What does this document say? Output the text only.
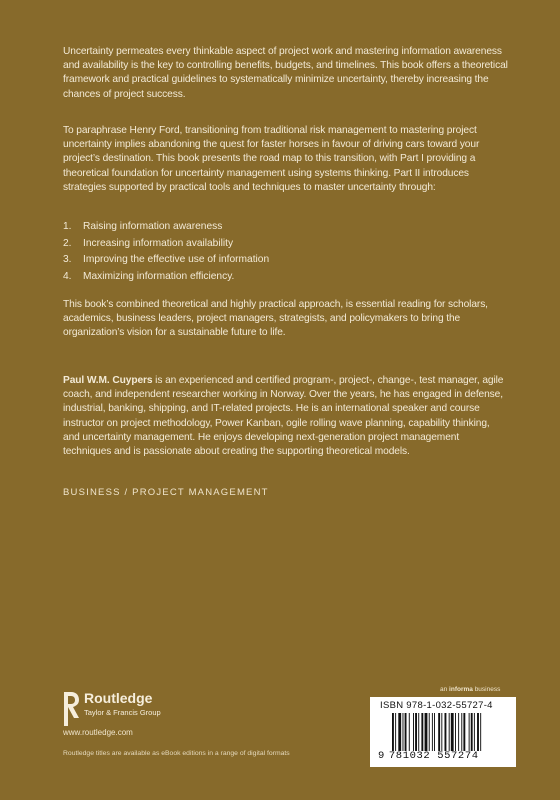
Uncertainty permeates every thinkable aspect of project work and mastering information awareness and availability is the key to controlling benefits, budgets, and timelines. This book offers a theoretical framework and practical guidelines to systematically minimize uncertainty, thereby increasing the chances of project success.

To paraphrase Henry Ford, transitioning from traditional risk management to mastering project uncertainty implies abandoning the quest for faster horses in favour of driving cars toward your project’s destination. This book presents the road map to this transition, with Part I providing a theoretical foundation for uncertainty management using systems thinking. Part II introduces strategies supported by practical tools and techniques to master uncertainty through:

1.	Raising information awareness
2.	Increasing information availability
3.	Improving the effective use of information
4.	Maximizing information efficiency.

This book’s combined theoretical and highly practical approach, is essential reading for scholars, academics, business leaders, project managers, strategists, and policymakers to bring the organization’s vision for a sustainable future to life.

Paul W.M. Cuypers is an experienced and certified program-, project-, change-, test manager, agile coach, and independent researcher working in Norway. Over the years, he has engaged in defense, industrial, banking, shipping, and IT-related projects. He is an international speaker and course instructor on project methodology, Power Kanban, ogile rolling wave planning, capability thinking, and uncertainty management. He enjoys developing next-generation project management techniques and is passionate about creating the supporting theoretical models.

BUSINESS / PROJECT MANAGEMENT
Routledge
Taylor & Francis Group
www.routledge.com
Routledge titles are available as eBook editions in a range of digital formats
an informa business
ISBN 978-1-032-55727-4
9 781032 557274
